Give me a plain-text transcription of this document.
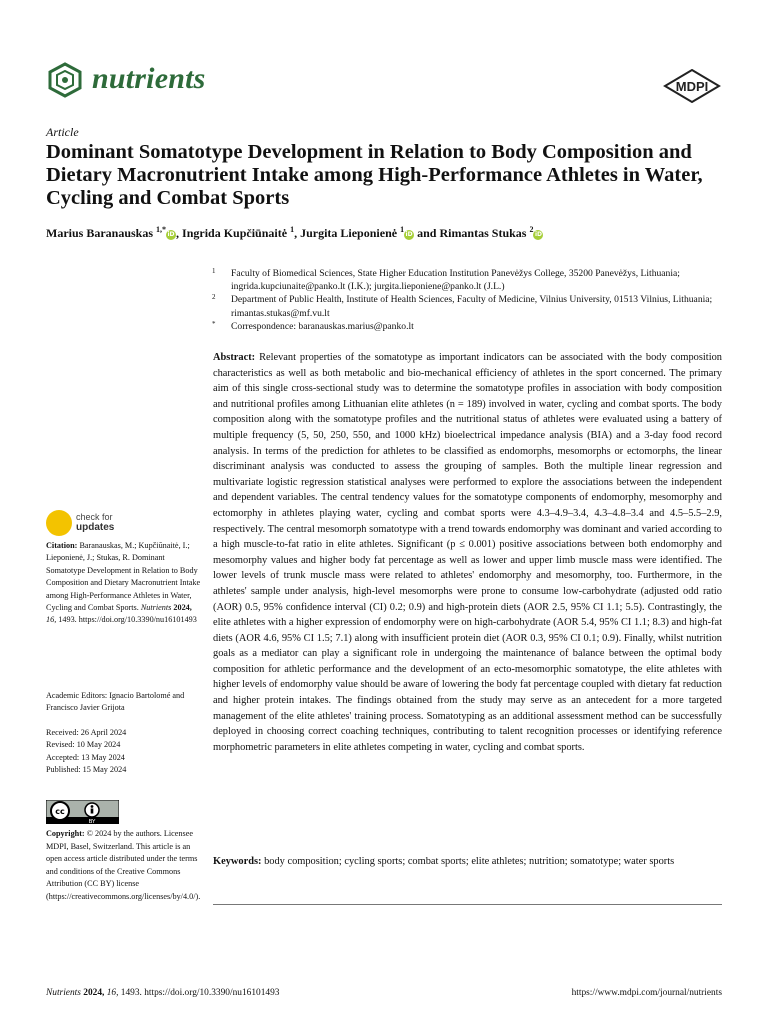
nutrients	MDPI
Article
Dominant Somatotype Development in Relation to Body Composition and Dietary Macronutrient Intake among High-Performance Athletes in Water, Cycling and Combat Sports
Marius Baranauskas $^{1,*}$iD, Ingrida Kupčiūnaitė $^1$, Jurgita Lieponienė $^1$iD and Rimantas Stukas $^2$iD
1 Faculty of Biomedical Sciences, State Higher Education Institution Panevėžys College, 35200 Panevėžys, Lithuania; ingrida.kupciunaite@panko.lt (I.K.); jurgita.lieponiene@panko.lt (J.L.)
2 Department of Public Health, Institute of Health Sciences, Faculty of Medicine, Vilnius University, 01513 Vilnius, Lithuania; rimantas.stukas@mf.vu.lt
* Correspondence: baranauskas.marius@panko.lt
Abstract: Relevant properties of the somatotype as important indicators can be associated with the body composition characteristics as well as both metabolic and bio-mechanical efficiency of athletes in the sport concerned. The primary aim of this single cross-sectional study was to determine the somatotype profiles in association with body composition and nutritional profiles among Lithuanian elite athletes (n = 189) involved in water, cycling and combat sports. The body composition along with the somatotype profiles and the nutritional status of athletes were evaluated using a battery of multiple frequency (5, 50, 250, 550, and 1000 kHz) bioelectrical impedance analysis (BIA) and a 3-day food record analysis. In terms of the prediction for athletes to be classified as endomorphs, mesomorphs or ectomorphs, the linear discriminant analysis was conducted to assess the grouping of samples. Both the multiple linear regression and multivariate logistic regression statistical analyses were performed to explore the associations between the independent and dependent variables. The central tendency values for the somatotype components of endomorphy, mesomorphy and ectomorphy in athletes playing water, cycling and combat sports were 4.3–4.9–3.4, 4.3–4.8–3.4 and 4.5–5.5–2.9, respectively. The central mesomorph somatotype with a trend towards endomorphy was dominant and varied according to a high muscle-to-fat ratio in elite athletes. Significant (p ≤ 0.001) positive associations between both endomorphy and mesomorphy values and higher body fat percentage as well as lower and upper limb muscle mass were identified. The lower levels of trunk muscle mass were related to athletes' endomorphy and mesomorphy, too. Furthermore, in the athletes' sample under analysis, high-level mesomorphs were prone to consume low-carbohydrate (adjusted odd ratio (AOR) 0.5, 95% confidence interval (CI) 0.2; 0.9) and high-protein diets (AOR 2.5, 95% CI 1.1; 5.5). Contrastingly, the elite athletes with a higher expression of endomorphy were on high-carbohydrate (AOR 5.4, 95% CI 1.1; 8.3) and high-fat diets (AOR 4.6, 95% CI 1.5; 7.1) along with insufficient protein diet (AOR 0.3, 95% CI 0.1; 0.9). Finally, whilst nutrition goals as a mediator can play a significant role in undergoing the maintenance of balance between the optimal body composition for athletic performance and the development of an ecto-mesomorphic somatotype, the elite athletes with higher levels of endomorphy value should be aware of lowering the body fat percentage coupled with dietary fat reduction and higher protein intakes. The findings obtained from the study may serve as an antecedent for a more targeted management of the elite athletes' training process. Somatotyping as an additional assessment method can be successfully deployed in choosing correct coaching techniques, contributing to talent recognition processes or identifying reference morphometric parameters in elite athletes competing in water, cycling and combat sports.
Keywords: body composition; cycling sports; combat sports; elite athletes; nutrition; somatotype; water sports
check for
updates
Citation: Baranauskas, M.; Kupčiūnaitė, I.; Lieponienė, J.; Stukas, R. Dominant Somatotype Development in Relation to Body Composition and Dietary Macronutrient Intake among High-Performance Athletes in Water, Cycling and Combat Sports. Nutrients 2024, 16, 1493. https://doi.org/10.3390/nu16101493
Academic Editors: Ignacio Bartolomé and Francisco Javier Grijota
Received: 26 April 2024
Revised: 10 May 2024
Accepted: 13 May 2024
Published: 15 May 2024
cc
BY
Copyright: © 2024 by the authors. Licensee MDPI, Basel, Switzerland. This article is an open access article distributed under the terms and conditions of the Creative Commons Attribution (CC BY) license (https://creativecommons.org/licenses/by/4.0/).
Nutrients 2024, 16, 1493. https://doi.org/10.3390/nu16101493	https://www.mdpi.com/journal/nutrients
